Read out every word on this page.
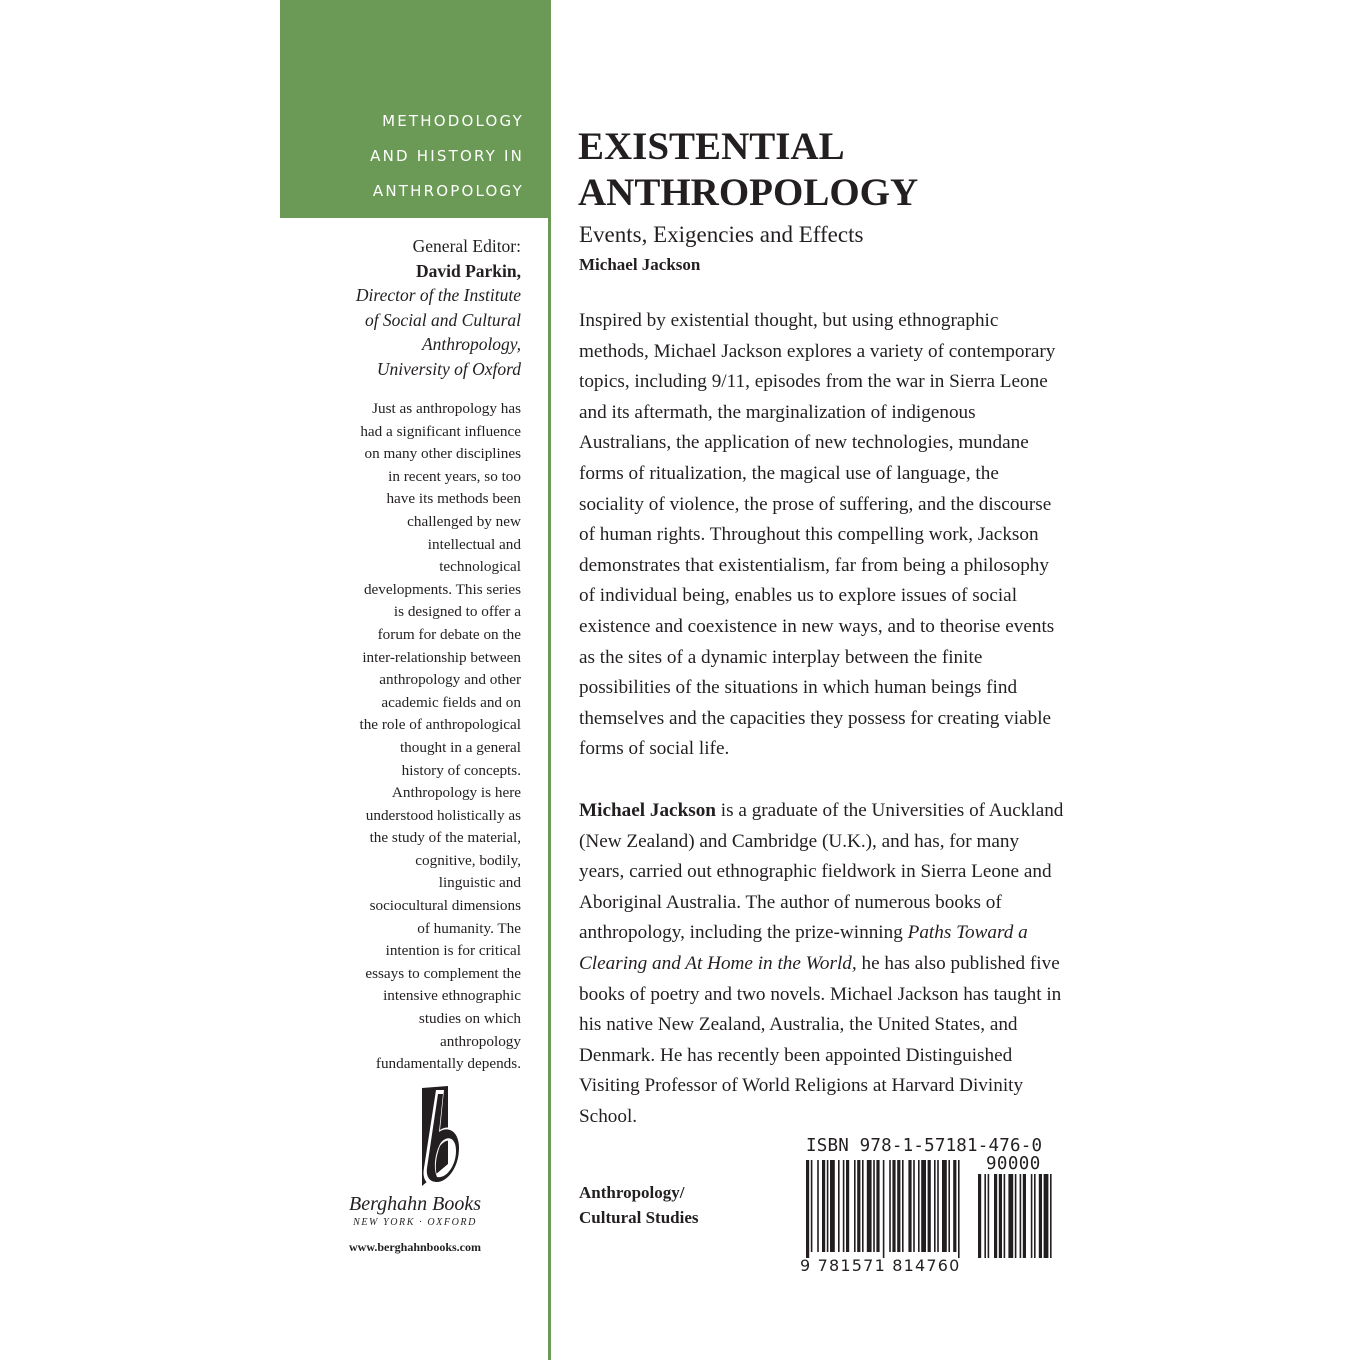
METHODOLOGY
AND HISTORY IN
ANTHROPOLOGY
General Editor:
David Parkin,
Director of the Institute
of Social and Cultural
Anthropology,
University of Oxford
Just as anthropology has
had a significant influence
on many other disciplines
in recent years, so too
have its methods been
challenged by new
intellectual and
technological
developments. This series
is designed to offer a
forum for debate on the
inter-relationship between
anthropology and other
academic fields and on
the role of anthropological
thought in a general
history of concepts.
Anthropology is here
understood holistically as
the study of the material,
cognitive, bodily,
linguistic and
sociocultural dimensions
of humanity. The
intention is for critical
essays to complement the
intensive ethnographic
studies on which
anthropology
fundamentally depends.
Berghahn Books
NEW YORK · OXFORD
www.berghahnbooks.com
EXISTENTIAL
ANTHROPOLOGY
Events, Exigencies and Effects
Michael Jackson
Inspired by existential thought, but using ethnographic
methods, Michael Jackson explores a variety of contemporary
topics, including 9/11, episodes from the war in Sierra Leone
and its aftermath, the marginalization of indigenous
Australians, the application of new technologies, mundane
forms of ritualization, the magical use of language, the
sociality of violence, the prose of suffering, and the discourse
of human rights. Throughout this compelling work, Jackson
demonstrates that existentialism, far from being a philosophy
of individual being, enables us to explore issues of social
existence and coexistence in new ways, and to theorise events
as the sites of a dynamic interplay between the finite
possibilities of the situations in which human beings find
themselves and the capacities they possess for creating viable
forms of social life.
Michael Jackson is a graduate of the Universities of Auckland
(New Zealand) and Cambridge (U.K.), and has, for many
years, carried out ethnographic fieldwork in Sierra Leone and
Aboriginal Australia. The author of numerous books of
anthropology, including the prize-winning Paths Toward a
Clearing and At Home in the World, he has also published five
books of poetry and two novels. Michael Jackson has taught in
his native New Zealand, Australia, the United States, and
Denmark. He has recently been appointed Distinguished
Visiting Professor of World Religions at Harvard Divinity
School.
Anthropology/
Cultural Studies
ISBN 978-1-57181-476-0
90000
9 781571 814760
